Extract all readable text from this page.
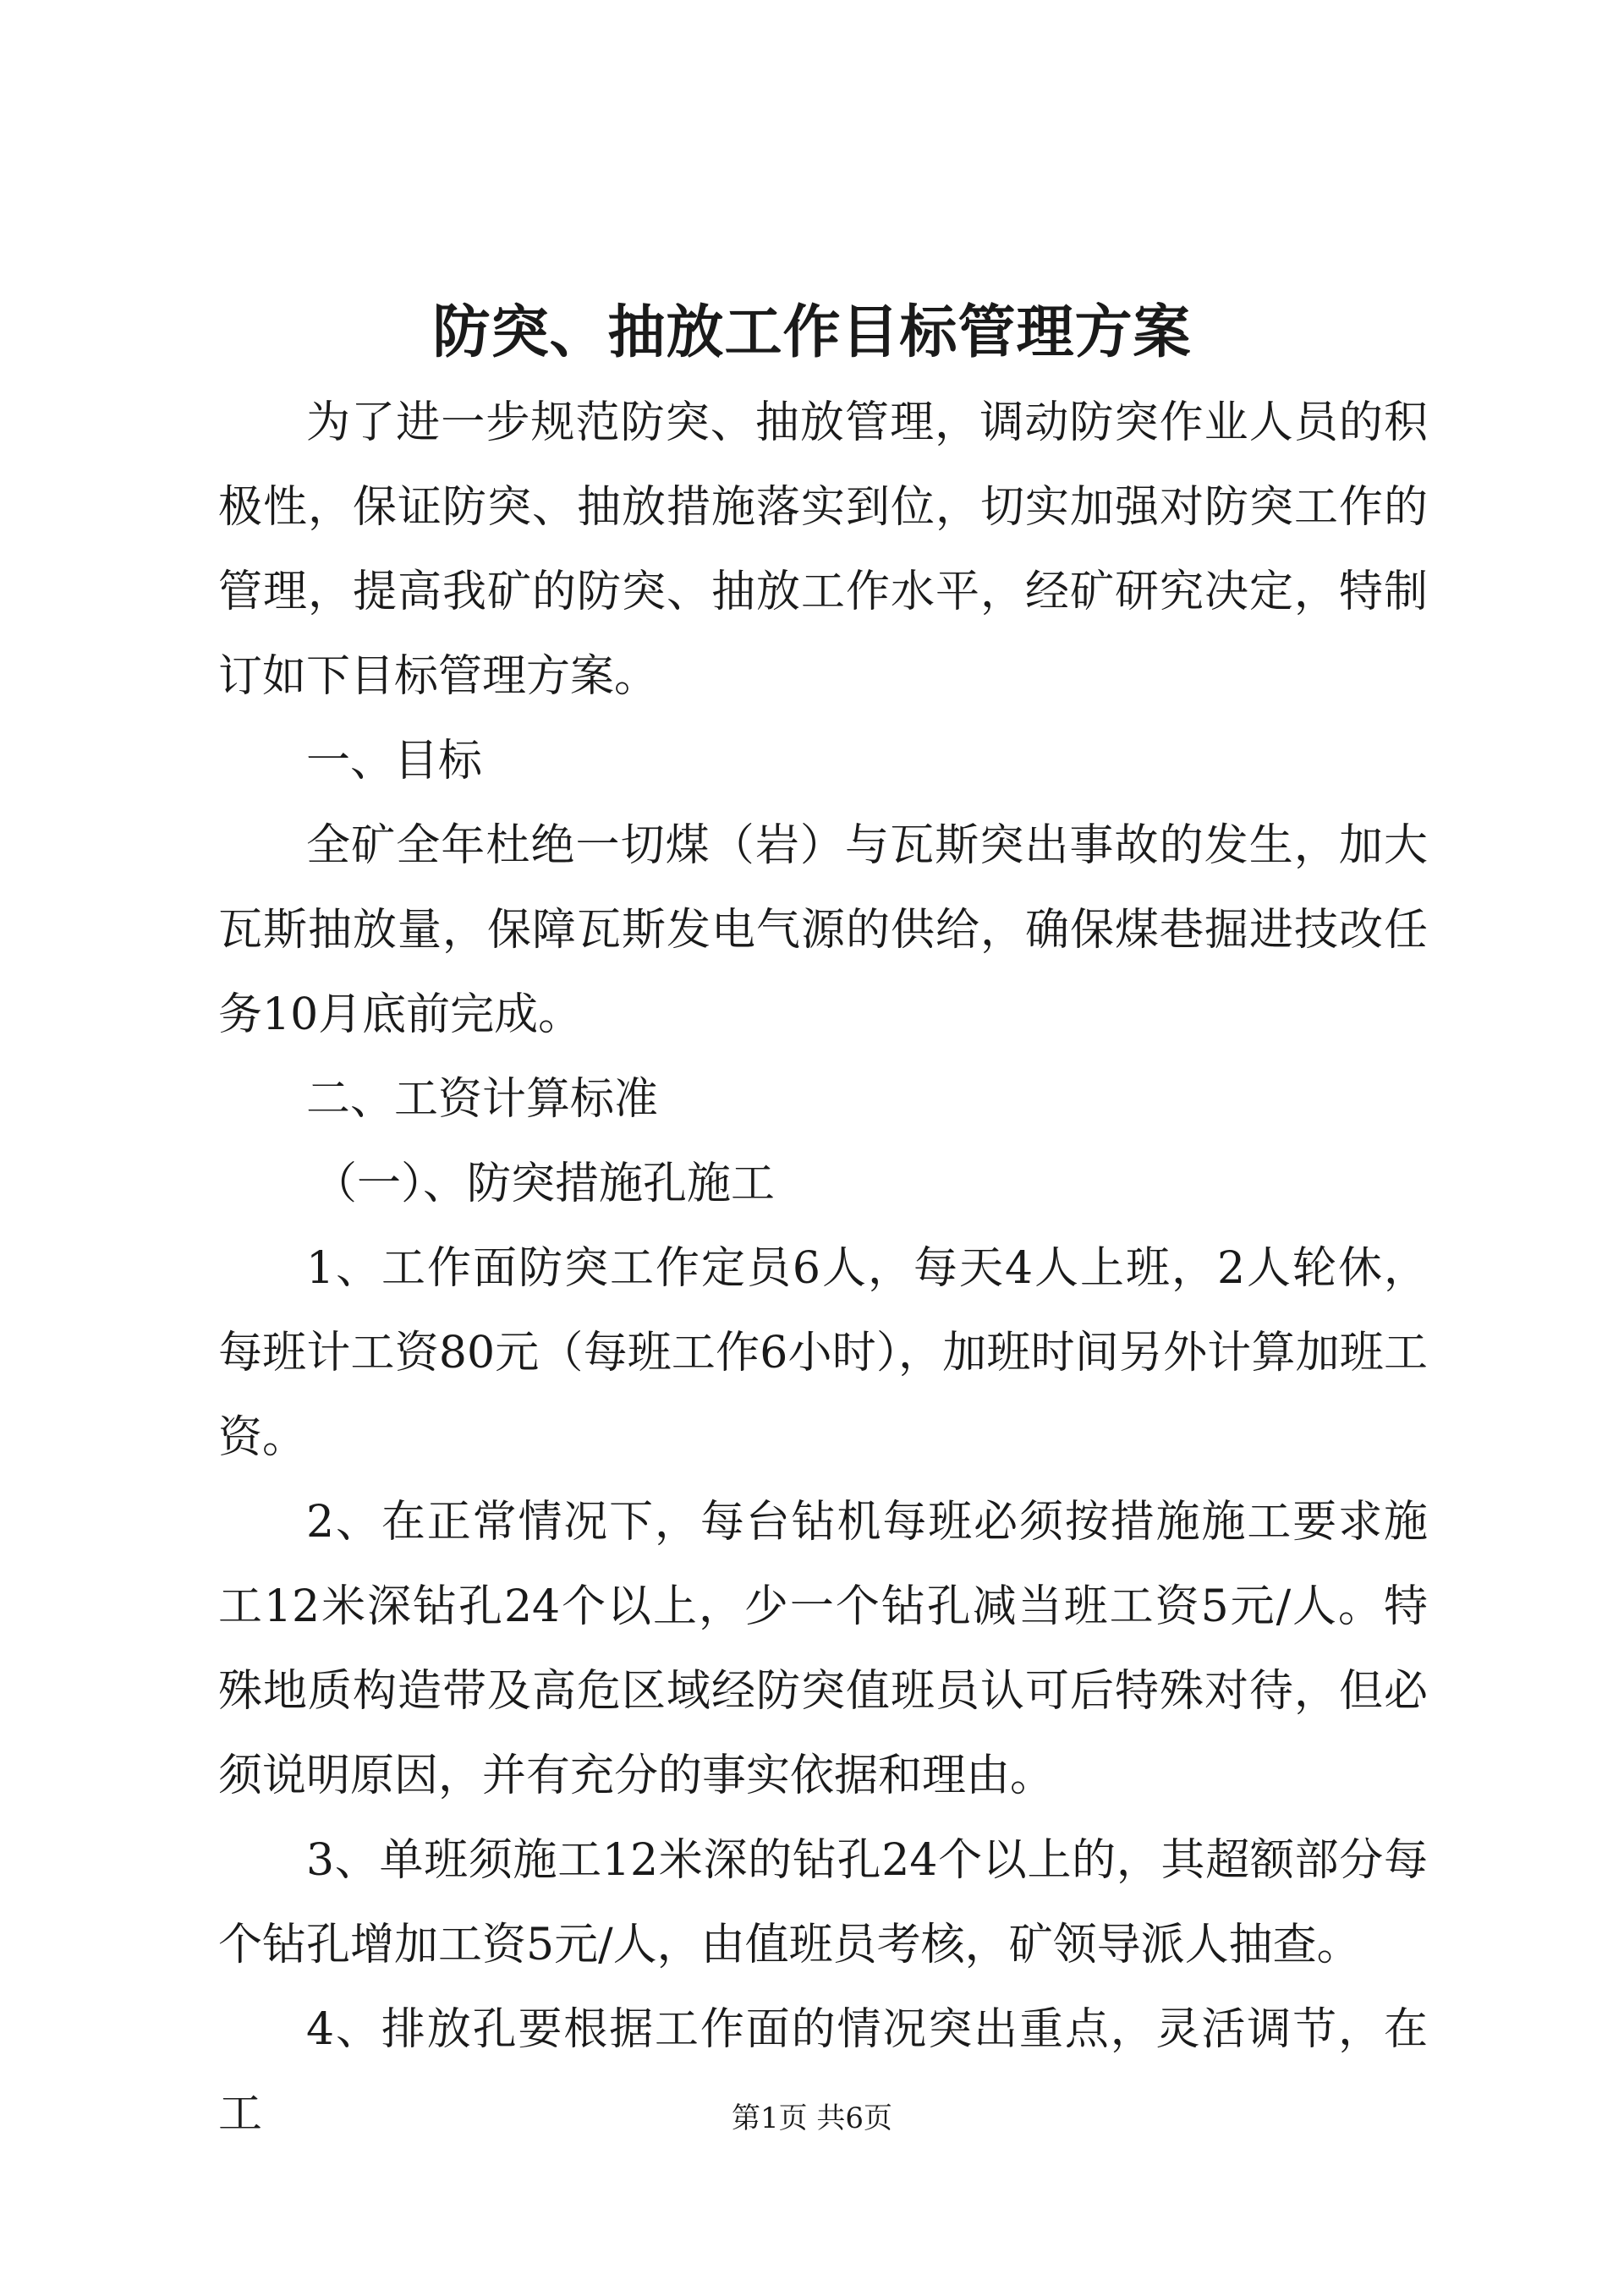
防突、抽放工作目标管理方案

为了进一步规范防突、抽放管理，调动防突作业人员的积极性，保证防突、抽放措施落实到位，切实加强对防突工作的管理，提高我矿的防突、抽放工作水平，经矿研究决定，特制订如下目标管理方案。

一、目标

全矿全年杜绝一切煤（岩）与瓦斯突出事故的发生，加大瓦斯抽放量，保障瓦斯发电气源的供给，确保煤巷掘进技改任务10月底前完成。

二、工资计算标准

（一）、防突措施孔施工

1、工作面防突工作定员6人，每天4人上班，2人轮休，每班计工资80元（每班工作6小时），加班时间另外计算加班工资。

2、在正常情况下，每台钻机每班必须按措施施工要求施工12米深钻孔24个以上，少一个钻孔减当班工资5元/人。特殊地质构造带及高危区域经防突值班员认可后特殊对待，但必须说明原因，并有充分的事实依据和理由。

3、单班须施工12米深的钻孔24个以上的，其超额部分每个钻孔增加工资5元/人，由值班员考核，矿领导派人抽查。

4、排放孔要根据工作面的情况突出重点，灵活调节，在工	第1页 共6页
